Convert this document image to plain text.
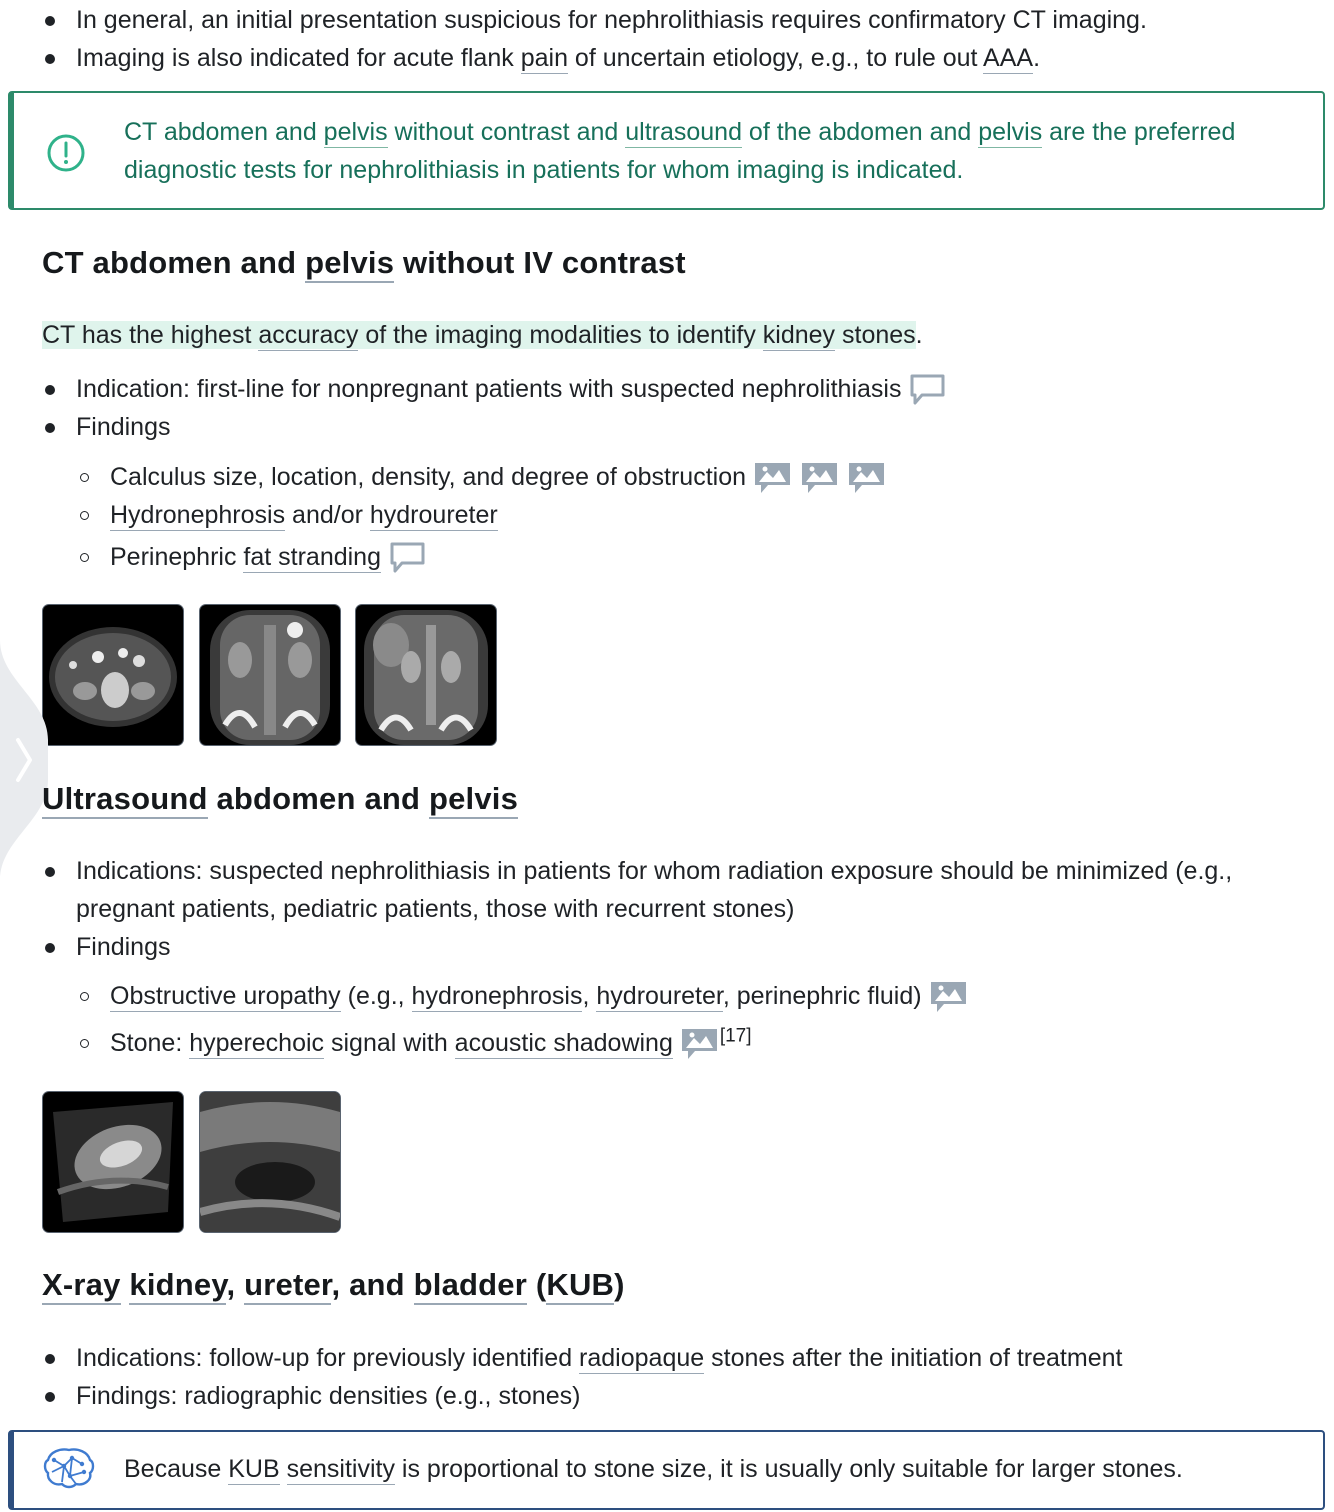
In general, an initial presentation suspicious for nephrolithiasis requires confirmatory CT imaging.
Imaging is also indicated for acute flank pain of uncertain etiology, e.g., to rule out AAA.
CT abdomen and pelvis without contrast and ultrasound of the abdomen and pelvis are the preferred diagnostic tests for nephrolithiasis in patients for whom imaging is indicated.
CT abdomen and pelvis without IV contrast
CT has the highest accuracy of the imaging modalities to identify kidney stones.
Indication: first-line for nonpregnant patients with suspected nephrolithiasis
Findings
Calculus size, location, density, and degree of obstruction
Hydronephrosis and/or hydroureter
Perinephric fat stranding
Ultrasound abdomen and pelvis
Indications: suspected nephrolithiasis in patients for whom radiation exposure should be minimized (e.g., pregnant patients, pediatric patients, those with recurrent stones)
Findings
Obstructive uropathy (e.g., hydronephrosis, hydroureter, perinephric fluid)
Stone: hyperechoic signal with acoustic shadowing [17]
X-ray kidney, ureter, and bladder (KUB)
Indications: follow-up for previously identified radiopaque stones after the initiation of treatment
Findings: radiographic densities (e.g., stones)
Because KUB sensitivity is proportional to stone size, it is usually only suitable for larger stones.
